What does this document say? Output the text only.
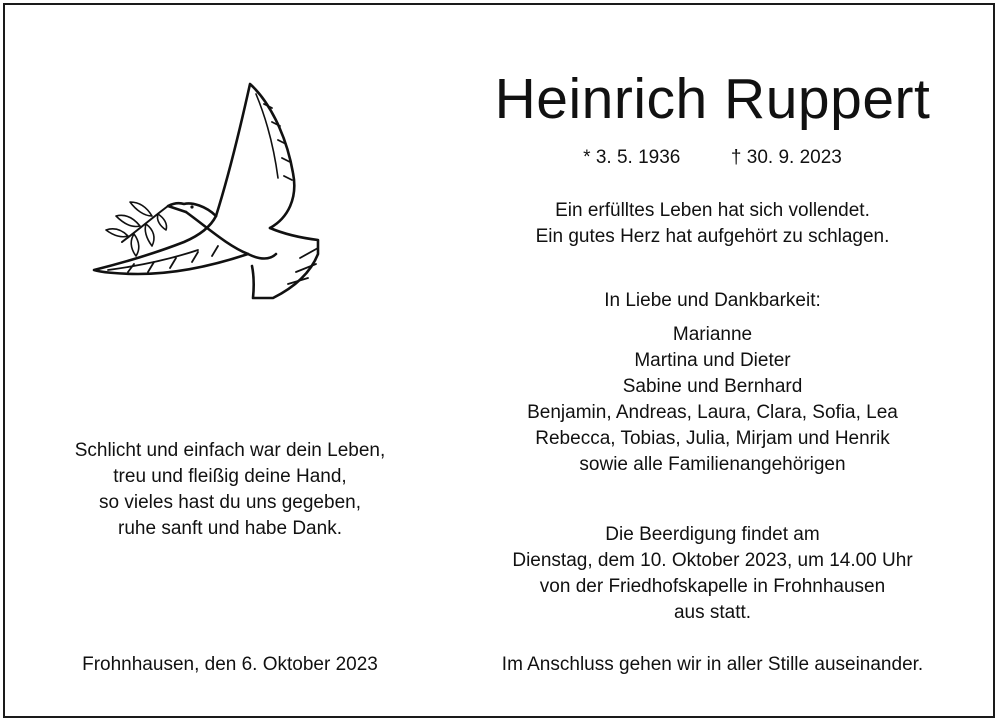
Heinrich Ruppert
* 3. 5. 1936	† 30. 9. 2023
Ein erfülltes Leben hat sich vollendet.
Ein gutes Herz hat aufgehört zu schlagen.
In Liebe und Dankbarkeit:
Marianne
Martina und Dieter
Sabine und Bernhard
Benjamin, Andreas, Laura, Clara, Sofia, Lea
Rebecca, Tobias, Julia, Mirjam und Henrik
sowie alle Familienangehörigen
Die Beerdigung findet am
Dienstag, dem 10. Oktober 2023, um 14.00 Uhr
von der Friedhofskapelle in Frohnhausen
aus statt.
Im Anschluss gehen wir in aller Stille auseinander.
Schlicht und einfach war dein Leben,
treu und fleißig deine Hand,
so vieles hast du uns gegeben,
ruhe sanft und habe Dank.
Frohnhausen, den 6. Oktober 2023
